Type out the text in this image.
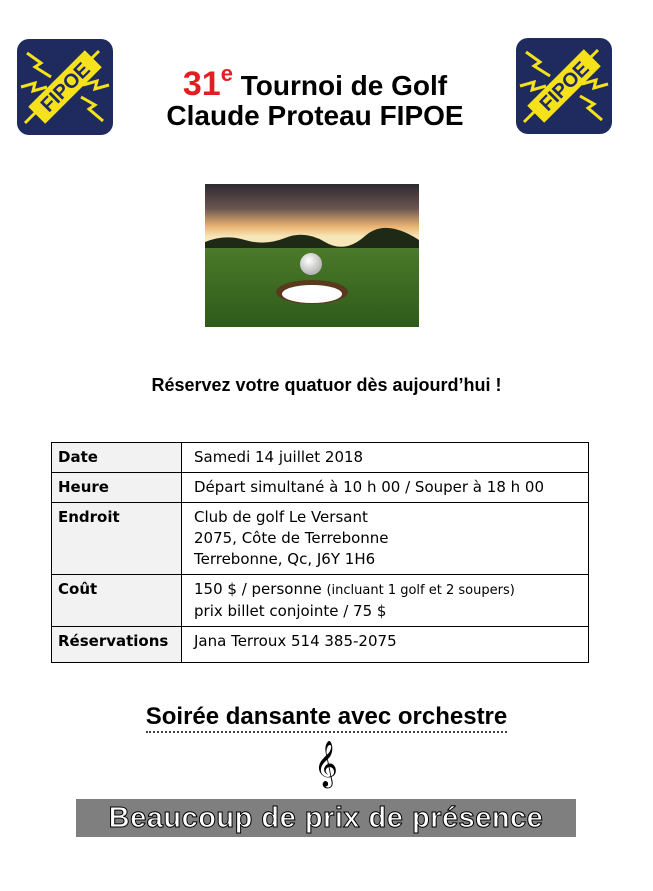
FIPOE	FIPOE
31e Tournoi de Golf
Claude Proteau FIPOE
Réservez votre quatuor dès aujourd’hui !
Date	Samedi 14 juillet 2018
Heure	Départ simultané à 10 h 00 / Souper à 18 h 00
Endroit	Club de golf Le Versant
2075, Côte de Terrebonne
Terrebonne, Qc, J6Y 1H6

Coût	150 $ / personne (incluant 1 golf et 2 soupers)
prix billet conjointe / 75 $

Réservations	Jana Terroux 514 385-2075
Soirée dansante avec orchestre
𝄞
Beaucoup de prix de présence
